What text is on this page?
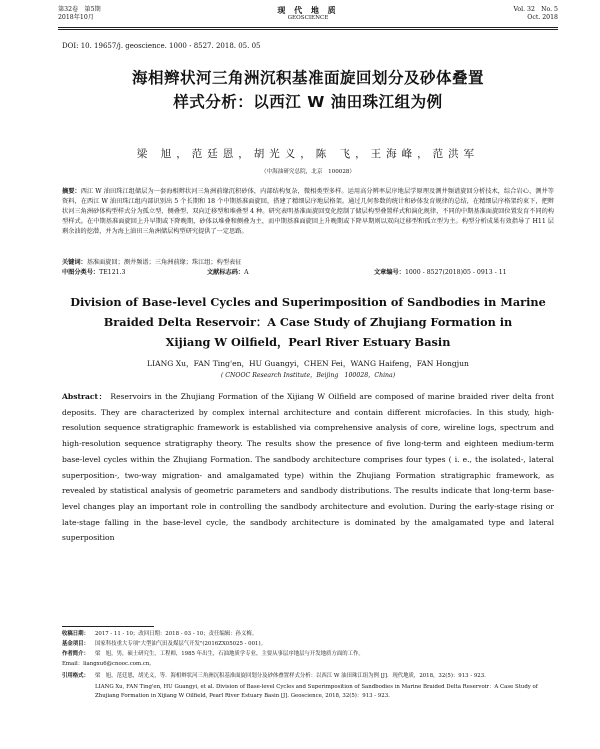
第32卷　第5期
2018年10月
现 代 地 质
GEOSCIENCE
Vol. 32　No. 5
Oct. 2018
DOI: 10. 19657/j. geoscience. 1000 - 8527. 2018. 05. 05
海相辫状河三角洲沉积基准面旋回划分及砂体叠置
样式分析：以西江 W 油田珠江组为例
梁 旭，范廷恩，胡光义，陈 飞，王海峰，范洪军
（中海油研究总院，北京　100028）
摘要：西江 W 油田珠江组储层为一套海相辫状河三角洲前缘沉积砂体，内部结构复杂，微相类型多样。运用高分辨率层序地层学原理及测井频谱旋回分析技术，综合岩心、测井等资料，在西江 W 油田珠江组内部识别出 5 个长期和 18 个中期基准面旋回，搭建了精细层序地层格架。通过几何参数的统计和砂体发育规律的总结，在精细层序格架约束下，把辫状河三角洲砂体构型样式分为孤立型、侧叠型、双向迁移型和堆叠型 4 种。研究表明基准面旋回变化控制了储层构型叠置样式和演化规律，不同的中期基准面旋回位置发育不同的构型样式。在中期基准面旋回上升早期或下降晚期，砂体以堆叠和侧叠为主，而中期基准面旋回上升晚期或下降早期则以双向迁移型和孤立型为主。构型分析成果有效指导了 H11 层剩余油的挖潜，并为海上油田三角洲储层构型研究提供了一定思路。
关键词：基准面旋回；测井频谱；三角洲前缘；珠江组；构型表征
中图分类号：TE121.3	文献标志码：A	文章编号：1000 - 8527(2018)05 - 0913 - 11
Division of Base-level Cycles and Superimposition of Sandbodies in Marine
Braided Delta Reservoir：A Case Study of Zhujiang Formation in
Xijiang W Oilfield，Pearl River Estuary Basin
LIANG Xu，FAN Ting'en，HU Guangyi，CHEN Fei，WANG Haifeng，FAN Hongjun
( CNOOC Research Institute，Beijing　100028，China)
Abstract： Reservoirs in the Zhujiang Formation of the Xijiang W Oilfield are composed of marine braided river delta front deposits. They are characterized by complex internal architecture and contain different microfacies. In this study, high-resolution sequence stratigraphic framework is established via comprehensive analysis of core, wireline logs, spectrum and high-resolution sequence stratigraphy theory. The results show the presence of five long-term and eighteen medium-term base-level cycles within the Zhujiang Formation. The sandbody architecture comprises four types ( i. e., the isolated-, lateral superposition-, two-way migration- and amalgamated type) within the Zhujiang Formation stratigraphic framework, as revealed by statistical analysis of geometric parameters and sandbody distributions. The results indicate that long-term base-level changes play an important role in controlling the sandbody architecture and evolution. During the early-stage rising or late-stage falling in the base-level cycle, the sandbody architecture is dominated by the amalgamated type and lateral superposition
收稿日期： 2017 - 11 - 10；改回日期：2018 - 03 - 10；责任编辑：孙义梅。
基金项目： 国家科技重大专项"大型油气田及煤层气开发"(2016ZX05025 - 001)。
作者简介： 梁　旭，男，硕士研究生，工程师，1985 年出生，石油地质学专业，主要从事层序地层与开发地质方面的工作。
Email：liangxu6@cnooc.com.cn。
引用格式：	梁　旭，范廷恩，胡光义，等．海相辫状河三角洲沉积基准面旋回划分及砂体叠置样式分析：以西江 W 油田珠江组为例 [J]．现代地质，2018，32(5)：913 - 923.
LIANG Xu, FAN Ting'en, HU Guangyi, et al. Division of Base-level Cycles and Superimposition of Sandbodies in Marine Braided Delta Reservoir：A Case Study of Zhujiang Formation in Xijiang W Oilfield, Pearl River Estuary Basin [J]. Geoscience, 2018, 32(5)：913 - 923.
